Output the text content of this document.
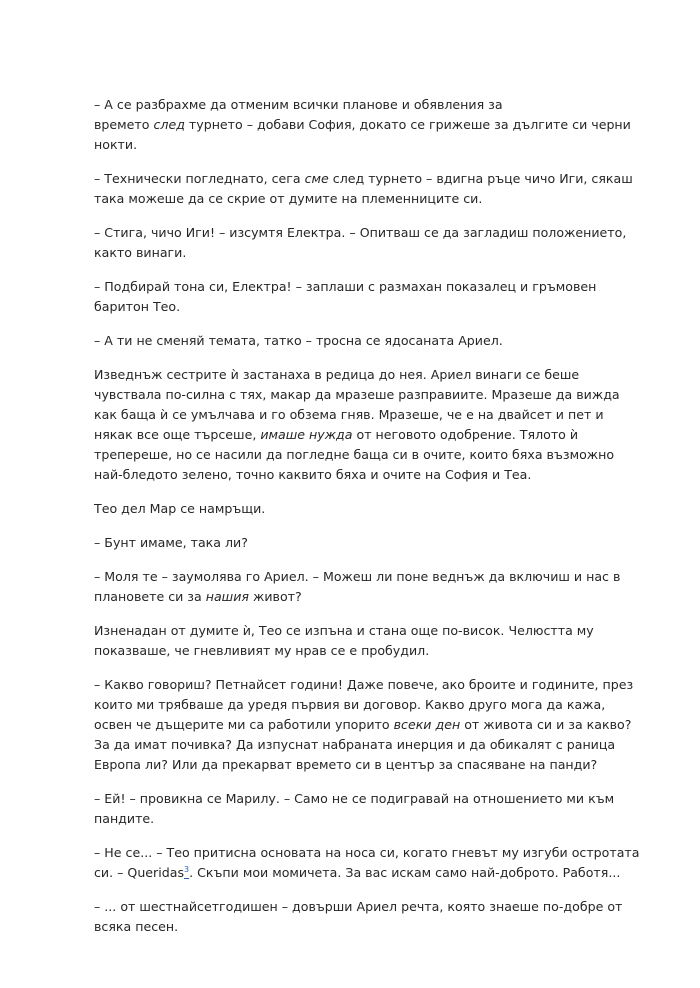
– А се разбрахме да отменим всички планове и обявления за
времето след турнето – добави София, докато се грижеше за дългите си черни
нокти.

– Технически погледнато, сега сме след турнето – вдигна ръце чичо Иги, сякаш
така можеше да се скрие от думите на племенниците си.

– Стига, чичо Иги! – изсумтя Електра. – Опитваш се да загладиш положението,
както винаги.

– Подбирай тона си, Електра! – заплаши с размахан показалец и гръмовен
баритон Тео.

– А ти не сменяй темата, татко – тросна се ядосаната Ариел.

Изведнъж сестрите ѝ застанаха в редица до нея. Ариел винаги се беше
чувствала по-силна с тях, макар да мразеше разправиите. Мразеше да вижда
как баща ѝ се умълчава и го обзема гняв. Мразеше, че е на двайсет и пет и
някак все още търсеше, имаше нужда от неговото одобрение. Тялото ѝ
трепереше, но се насили да погледне баща си в очите, които бяха възможно
най-бледото зелено, точно каквито бяха и очите на София и Теа.

Тео дел Мар се намръщи.

– Бунт имаме, така ли?

– Моля те – заумолява го Ариел. – Можеш ли поне веднъж да включиш и нас в
плановете си за нашия живот?

Изненадан от думите ѝ, Тео се изпъна и стана още по-висок. Челюстта му
показваше, че гневливият му нрав се е пробудил.

– Какво говориш? Петнайсет години! Даже повече, ако броите и годините, през
които ми трябваше да уредя първия ви договор. Какво друго мога да кажа,
освен че дъщерите ми са работили упорито всеки ден от живота си и за какво?
За да имат почивка? Да изпуснат набраната инерция и да обикалят с раница
Европа ли? Или да прекарват времето си в център за спасяване на панди?

– Ей! – провикна се Марилу. – Само не се подигравай на отношението ми към
пандите.

– Не се... – Тео притисна основата на носа си, когато гневът му изгуби остротата
си. – Queridas$^3$. Скъпи мои момичета. За вас искам само най-доброто. Работя...

– ... от шестнайсетгодишен – довърши Ариел речта, която знаеше по-добре от
всяка песен.
